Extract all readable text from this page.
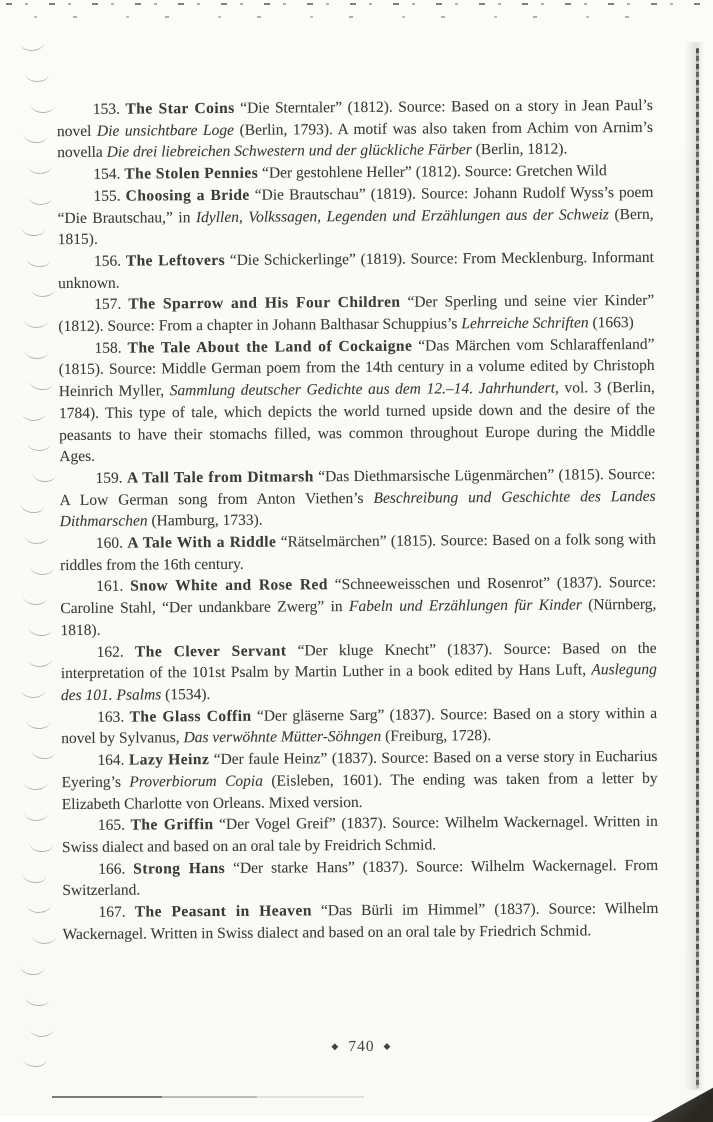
153. The Star Coins “Die Sterntaler” (1812). Source: Based on a story in Jean Paul’s novel Die unsichtbare Loge (Berlin, 1793). A motif was also taken from Achim von Arnim’s novella Die drei liebreichen Schwestern und der glückliche Färber (Berlin, 1812).

154. The Stolen Pennies “Der gestohlene Heller” (1812). Source: Gretchen Wild

155. Choosing a Bride “Die Brautschau” (1819). Source: Johann Rudolf Wyss’s poem “Die Brautschau,” in Idyllen, Volkssagen, Legenden und Erzählungen aus der Schweiz (Bern, 1815).

156. The Leftovers “Die Schickerlinge” (1819). Source: From Mecklenburg. Informant unknown.

157. The Sparrow and His Four Children “Der Sperling und seine vier Kinder” (1812). Source: From a chapter in Johann Balthasar Schuppius’s Lehrreiche Schriften (1663)

158. The Tale About the Land of Cockaigne “Das Märchen vom Schlaraffenland” (1815). Source: Middle German poem from the 14th century in a volume edited by Christoph Heinrich Myller, Sammlung deutscher Gedichte aus dem 12.–14. Jahrhundert, vol. 3 (Berlin, 1784). This type of tale, which depicts the world turned upside down and the desire of the peasants to have their stomachs filled, was common throughout Europe during the Middle Ages.

159. A Tall Tale from Ditmarsh “Das Diethmarsische Lügenmärchen” (1815). Source: A Low German song from Anton Viethen’s Beschreibung und Geschichte des Landes Dithmarschen (Hamburg, 1733).

160. A Tale With a Riddle “Rätselmärchen” (1815). Source: Based on a folk song with riddles from the 16th century.

161. Snow White and Rose Red “Schneeweisschen und Rosenrot” (1837). Source: Caroline Stahl, “Der undankbare Zwerg” in Fabeln und Erzählungen für Kinder (Nürnberg, 1818).

162. The Clever Servant “Der kluge Knecht” (1837). Source: Based on the interpretation of the 101st Psalm by Martin Luther in a book edited by Hans Luft, Auslegung des 101. Psalms (1534).

163. The Glass Coffin “Der gläserne Sarg” (1837). Source: Based on a story within a novel by Sylvanus, Das verwöhnte Mütter-Söhngen (Freiburg, 1728).

164. Lazy Heinz “Der faule Heinz” (1837). Source: Based on a verse story in Eucharius Eyering’s Proverbiorum Copia (Eisleben, 1601). The ending was taken from a letter by Elizabeth Charlotte von Orleans. Mixed version.

165. The Griffin “Der Vogel Greif” (1837). Source: Wilhelm Wackernagel. Written in Swiss dialect and based on an oral tale by Freidrich Schmid.

166. Strong Hans “Der starke Hans” (1837). Source: Wilhelm Wackernagel. From Switzerland.

167. The Peasant in Heaven “Das Bürli im Himmel” (1837). Source: Wilhelm Wackernagel. Written in Swiss dialect and based on an oral tale by Friedrich Schmid.

◆ 740 ◆
